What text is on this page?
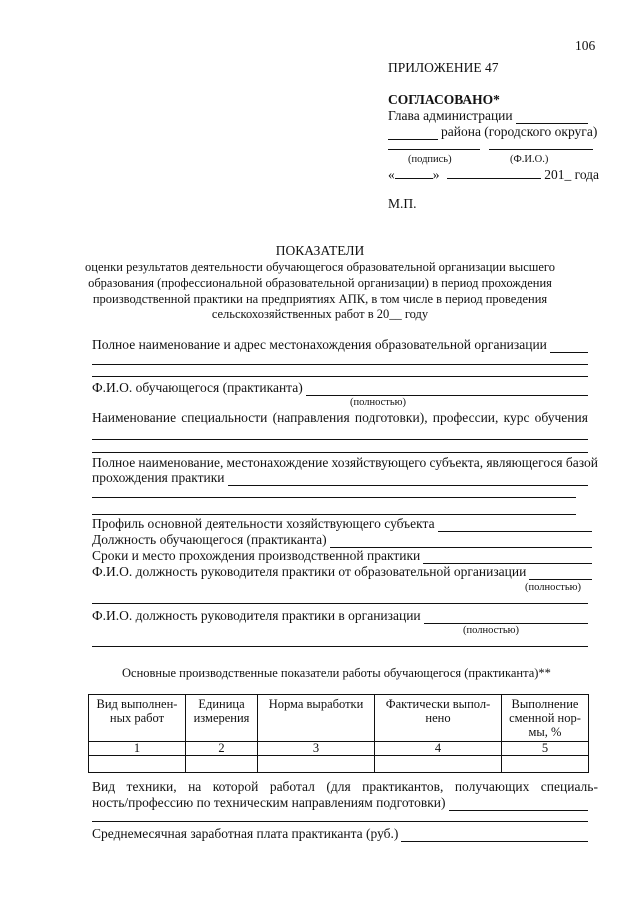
106
ПРИЛОЖЕНИЕ 47
СОГЛАСОВАНО*
Глава администрации
района (городского округа)
(подпись)	(Ф.И.О.)
«	»	201_ года
М.П.
ПОКАЗАТЕЛИ
оценки результатов деятельности обучающегося образовательной организации высшего
образования (профессиональной образовательной организации) в период прохождения
производственной практики на предприятиях АПК, в том числе в период проведения
сельскохозяйственных работ в 20__ году
Полное наименование и адрес местонахождения образовательной организации
Ф.И.О. обучающегося (практиканта)
(полностью)
Наименование специальности (направления подготовки), профессии, курс обучения
Полное наименование, местонахождение хозяйствующего субъекта, являющегося базой
прохождения практики
Профиль основной деятельности хозяйствующего субъекта
Должность обучающегося (практиканта)
Сроки и место прохождения производственной практики
Ф.И.О. должность руководителя практики от образовательной организации
(полностью)
Ф.И.О. должность руководителя практики в организации
(полностью)
Основные производственные показатели работы обучающегося (практиканта)**
Вид выполнен-ных работ	Единица измерения	Норма выработки	Фактически выпол-нено	Выполнение сменной нор-мы, %
1	2	3	4	5

Вид техники, на которой работал (для практикантов, получающих специаль-
ность/профессию по техническим направлениям подготовки)
Среднемесячная заработная плата практиканта (руб.)
